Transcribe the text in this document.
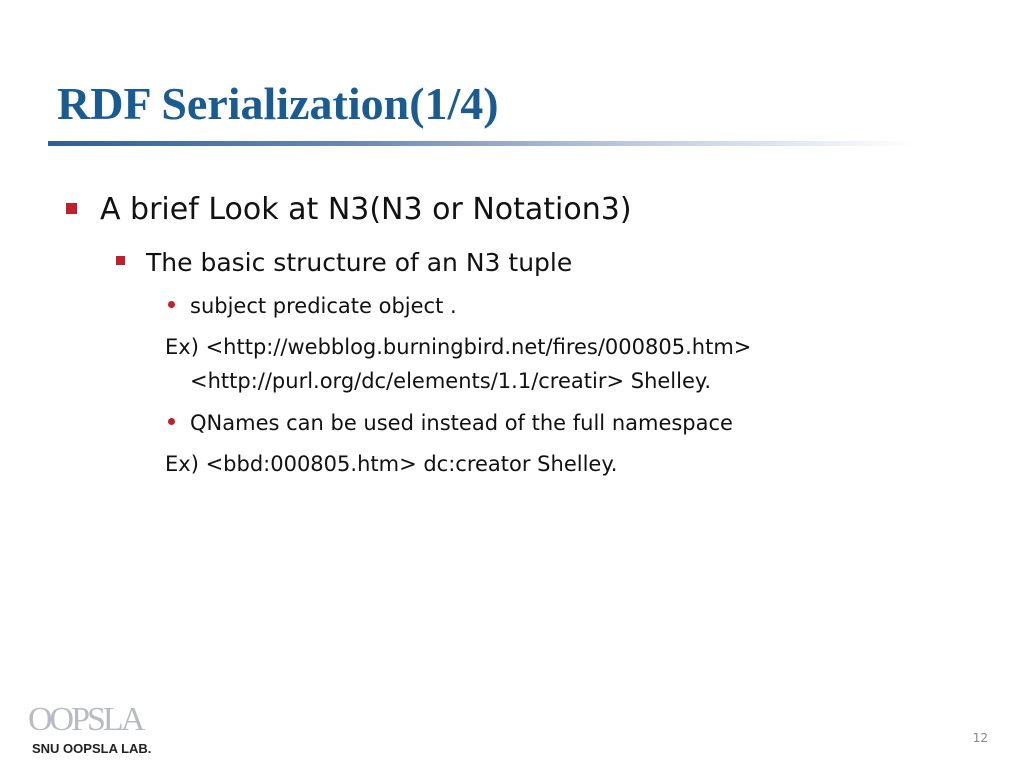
RDF Serialization(1/4)
A brief Look at N3(N3 or Notation3)
The basic structure of an N3 tuple
subject predicate object .
Ex) <http://webblog.burningbird.net/fires/000805.htm>
<http://purl.org/dc/elements/1.1/creatir> Shelley.
QNames can be used instead of the full namespace
Ex) <bbd:000805.htm> dc:creator Shelley.
OOPSLA
SNU OOPSLA LAB.
12
